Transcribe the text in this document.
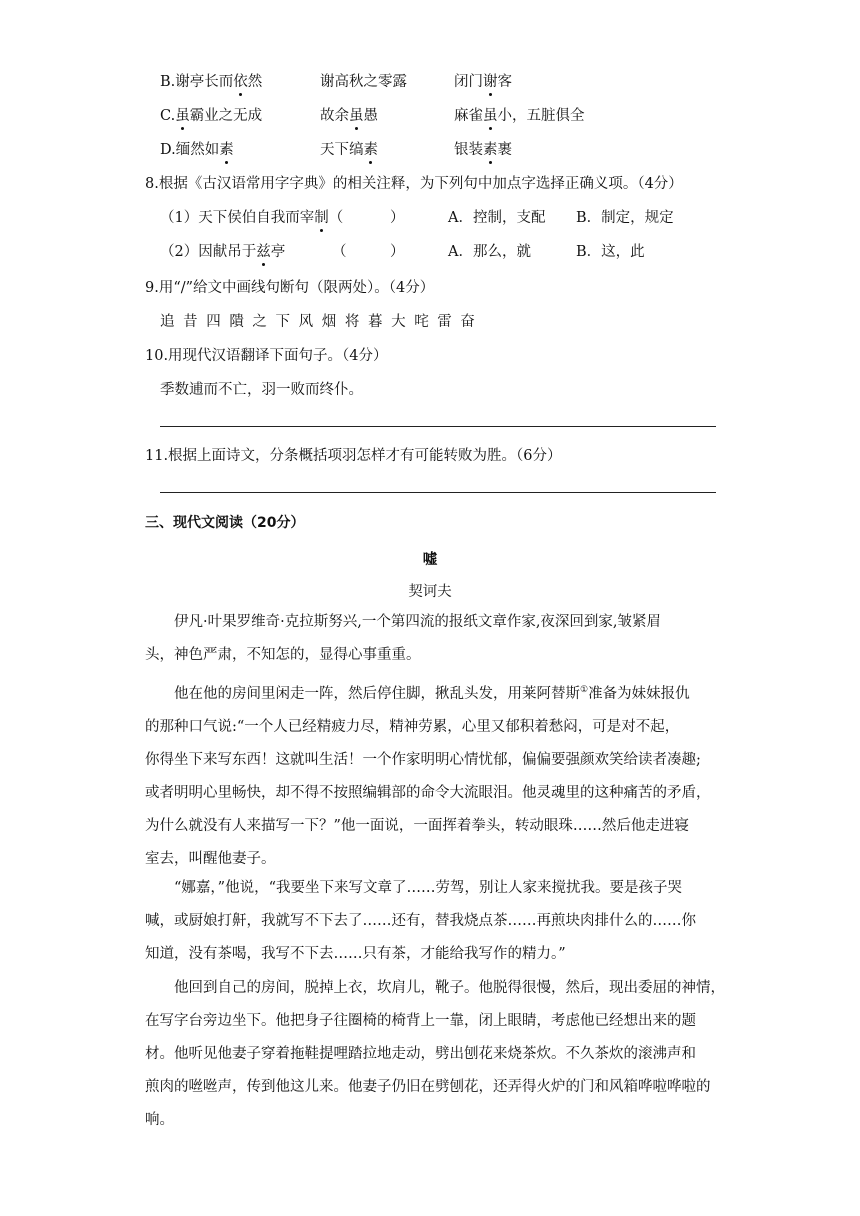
B.谢亭长而依然	谢高秋之零露	闭门谢客
C.虽霸业之无成	故余虽愚	麻雀虽小，五脏俱全
D.缅然如素	天下缟素	银装素裹
8.根据《古汉语常用字字典》的相关注释，为下列句中加点字选择正确义项。（4分）
（1）天下侯伯自我而宰制（	）	A．控制，支配 B．制定，规定
（2）因献吊于兹亭	（	）	A．那么，就	B．这，此
9.用“/”给文中画线句断句（限两处）。（4分）
追 昔 四 隤 之 下 风 烟 将 暮 大 咤 雷 奋
10.用现代汉语翻译下面句子。（4分）
季数逋而不亡，羽一败而终仆。
11.根据上面诗文，分条概括项羽怎样才有可能转败为胜。（6分）
三、现代文阅读（20分）
嘘
契诃夫

伊凡·叶果罗维奇·克拉斯努兴,一个第四流的报纸文章作家,夜深回到家,皱紧眉
头，神色严肃，不知怎的，显得心事重重。

他在他的房间里闲走一阵，然后停住脚，揪乱头发，用莱阿替斯①准备为妹妹报仇
的那种口气说:“一个人已经精疲力尽，精神劳累，心里又郁积着愁闷，可是对不起，
你得坐下来写东西！这就叫生活！一个作家明明心情忧郁，偏偏要强颜欢笑给读者凑趣;
或者明明心里畅快，却不得不按照编辑部的命令大流眼泪。他灵魂里的这种痛苦的矛盾，
为什么就没有人来描写一下？”他一面说，一面挥着拳头，转动眼珠……然后他走进寝
室去，叫醒他妻子。

“娜嘉，”他说，“我要坐下来写文章了……劳驾，别让人家来搅扰我。要是孩子哭
喊，或厨娘打鼾，我就写不下去了……还有，替我烧点茶……再煎块肉排什么的……你
知道，没有茶喝，我写不下去……只有茶，才能给我写作的精力。”

他回到自己的房间，脱掉上衣，坎肩儿，靴子。他脱得很慢，然后，现出委屈的神情，
在写字台旁边坐下。他把身子往圈椅的椅背上一靠，闭上眼睛，考虑他已经想出来的题
材。他听见他妻子穿着拖鞋提哩踏拉地走动，劈出刨花来烧茶炊。不久茶炊的滚沸声和
煎肉的咝咝声，传到他这儿来。他妻子仍旧在劈刨花，还弄得火炉的门和风箱哗啦哗啦的
响。
